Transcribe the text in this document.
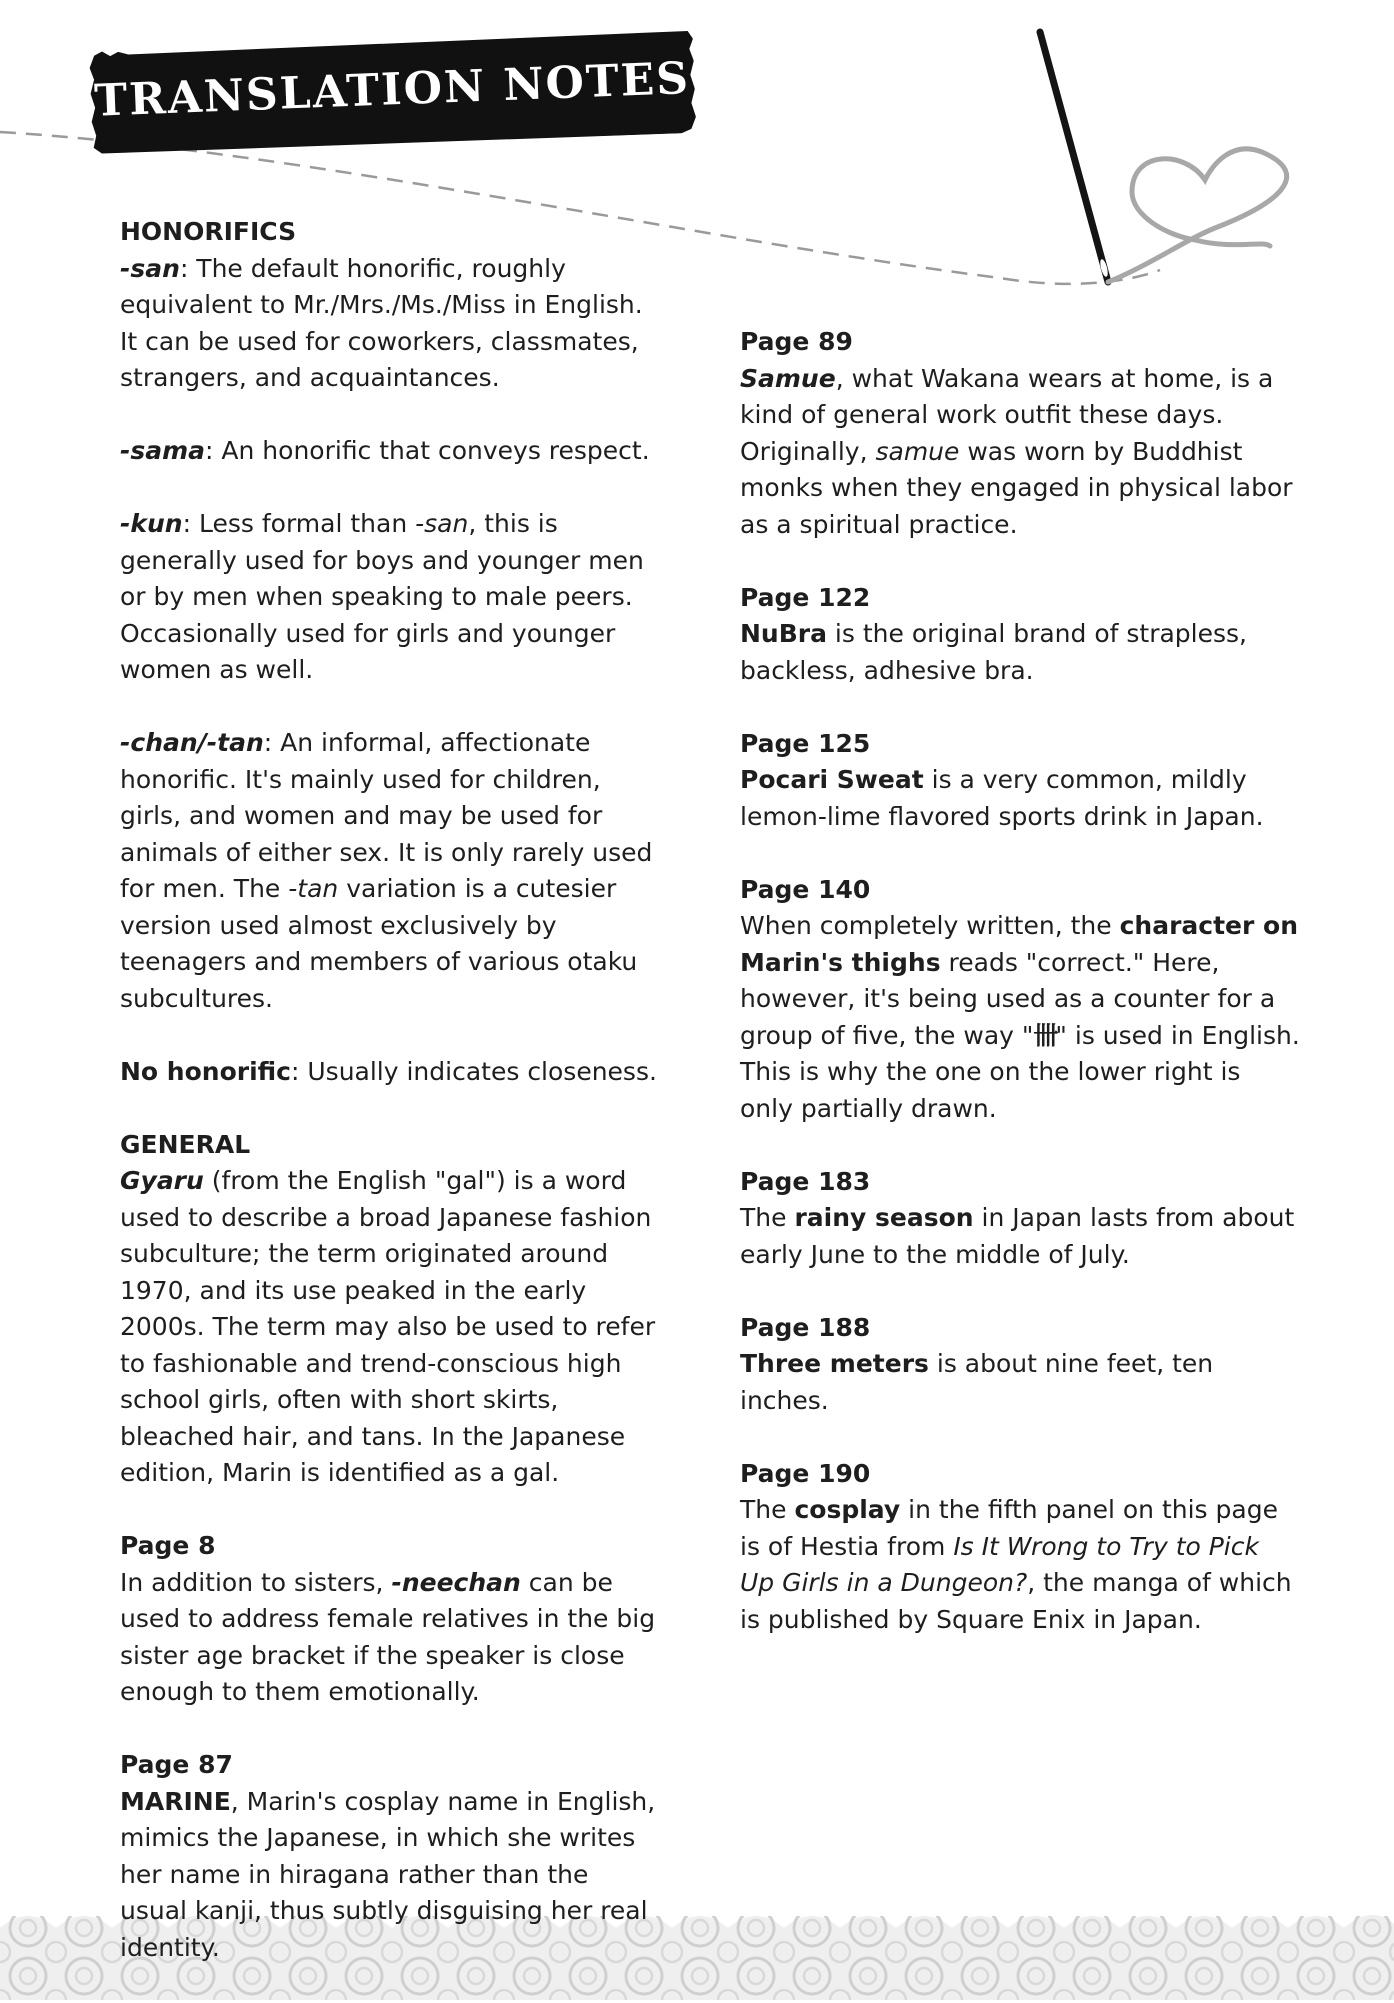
TRANSLATION NOTES
HONORIFICS
-san: The default honorific, roughly equivalent to Mr./Mrs./Ms./Miss in English. It can be used for coworkers, classmates, strangers, and acquaintances.
-sama: An honorific that conveys respect.
-kun: Less formal than -san, this is generally used for boys and younger men or by men when speaking to male peers. Occasionally used for girls and younger women as well.
-chan/-tan: An informal, affectionate honorific. It's mainly used for children, girls, and women and may be used for animals of either sex. It is only rarely used for men. The -tan variation is a cutesier version used almost exclusively by teenagers and members of various otaku subcultures.
No honorific: Usually indicates closeness.
GENERAL
Gyaru (from the English "gal") is a word used to describe a broad Japanese fashion subculture; the term originated around 1970, and its use peaked in the early 2000s. The term may also be used to refer to fashionable and trend-conscious high school girls, often with short skirts, bleached hair, and tans. In the Japanese edition, Marin is identified as a gal.
Page 8
In addition to sisters, -neechan can be used to address female relatives in the big sister age bracket if the speaker is close enough to them emotionally.
Page 87
MARINE, Marin's cosplay name in English, mimics the Japanese, in which she writes her name in hiragana rather than the usual kanji, thus subtly disguising her real identity.
Page 89
Samue, what Wakana wears at home, is a kind of general work outfit these days. Originally, samue was worn by Buddhist monks when they engaged in physical labor as a spiritual practice.
Page 122
NuBra is the original brand of strapless, backless, adhesive bra.
Page 125
Pocari Sweat is a very common, mildly lemon-lime flavored sports drink in Japan.
Page 140
When completely written, the character on Marin's thighs reads "correct." Here, however, it's being used as a counter for a group of five, the way "卌" is used in English. This is why the one on the lower right is only partially drawn.
Page 183
The rainy season in Japan lasts from about early June to the middle of July.
Page 188
Three meters is about nine feet, ten inches.
Page 190
The cosplay in the fifth panel on this page is of Hestia from Is It Wrong to Try to Pick Up Girls in a Dungeon?, the manga of which is published by Square Enix in Japan.
